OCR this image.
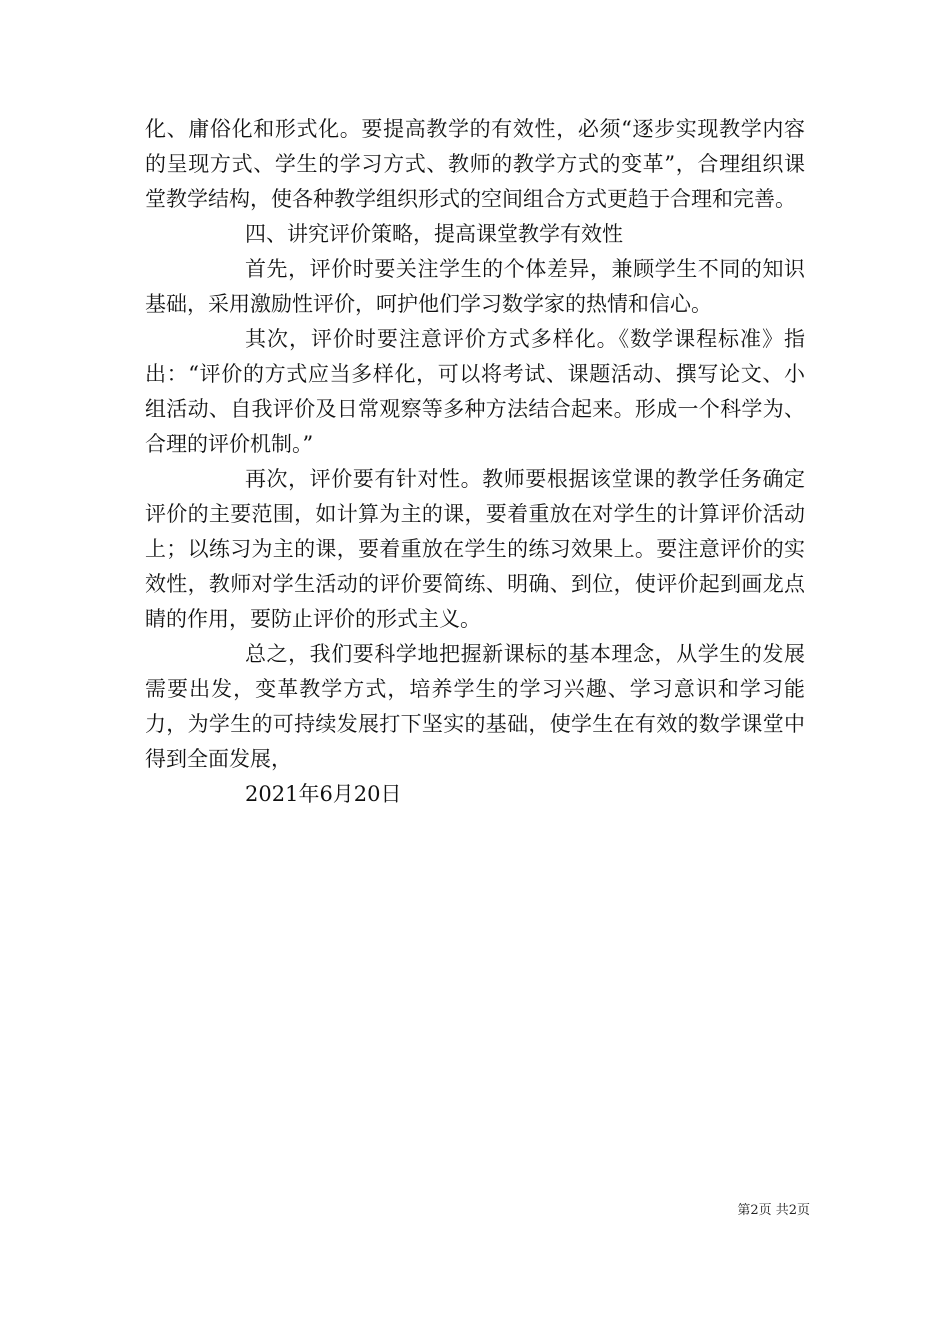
化、庸俗化和形式化。要提高教学的有效性，必须“逐步实现教学内容的呈现方式、学生的学习方式、教师的教学方式的变革”，合理组织课堂教学结构，使各种教学组织形式的空间组合方式更趋于合理和完善。

四、讲究评价策略，提高课堂教学有效性

首先，评价时要关注学生的个体差异，兼顾学生不同的知识基础，采用激励性评价，呵护他们学习数学家的热情和信心。

其次，评价时要注意评价方式多样化。《数学课程标准》指出：“评价的方式应当多样化，可以将考试、课题活动、撰写论文、小组活动、自我评价及日常观察等多种方法结合起来。形成一个科学为、合理的评价机制。”

再次，评价要有针对性。教师要根据该堂课的教学任务确定评价的主要范围，如计算为主的课，要着重放在对学生的计算评价活动上；以练习为主的课，要着重放在学生的练习效果上。要注意评价的实效性，教师对学生活动的评价要简练、明确、到位，使评价起到画龙点睛的作用，要防止评价的形式主义。

总之，我们要科学地把握新课标的基本理念，从学生的发展需要出发，变革教学方式，培养学生的学习兴趣、学习意识和学习能力，为学生的可持续发展打下坚实的基础，使学生在有效的数学课堂中得到全面发展，

2021年6月20日

第2页 共2页
